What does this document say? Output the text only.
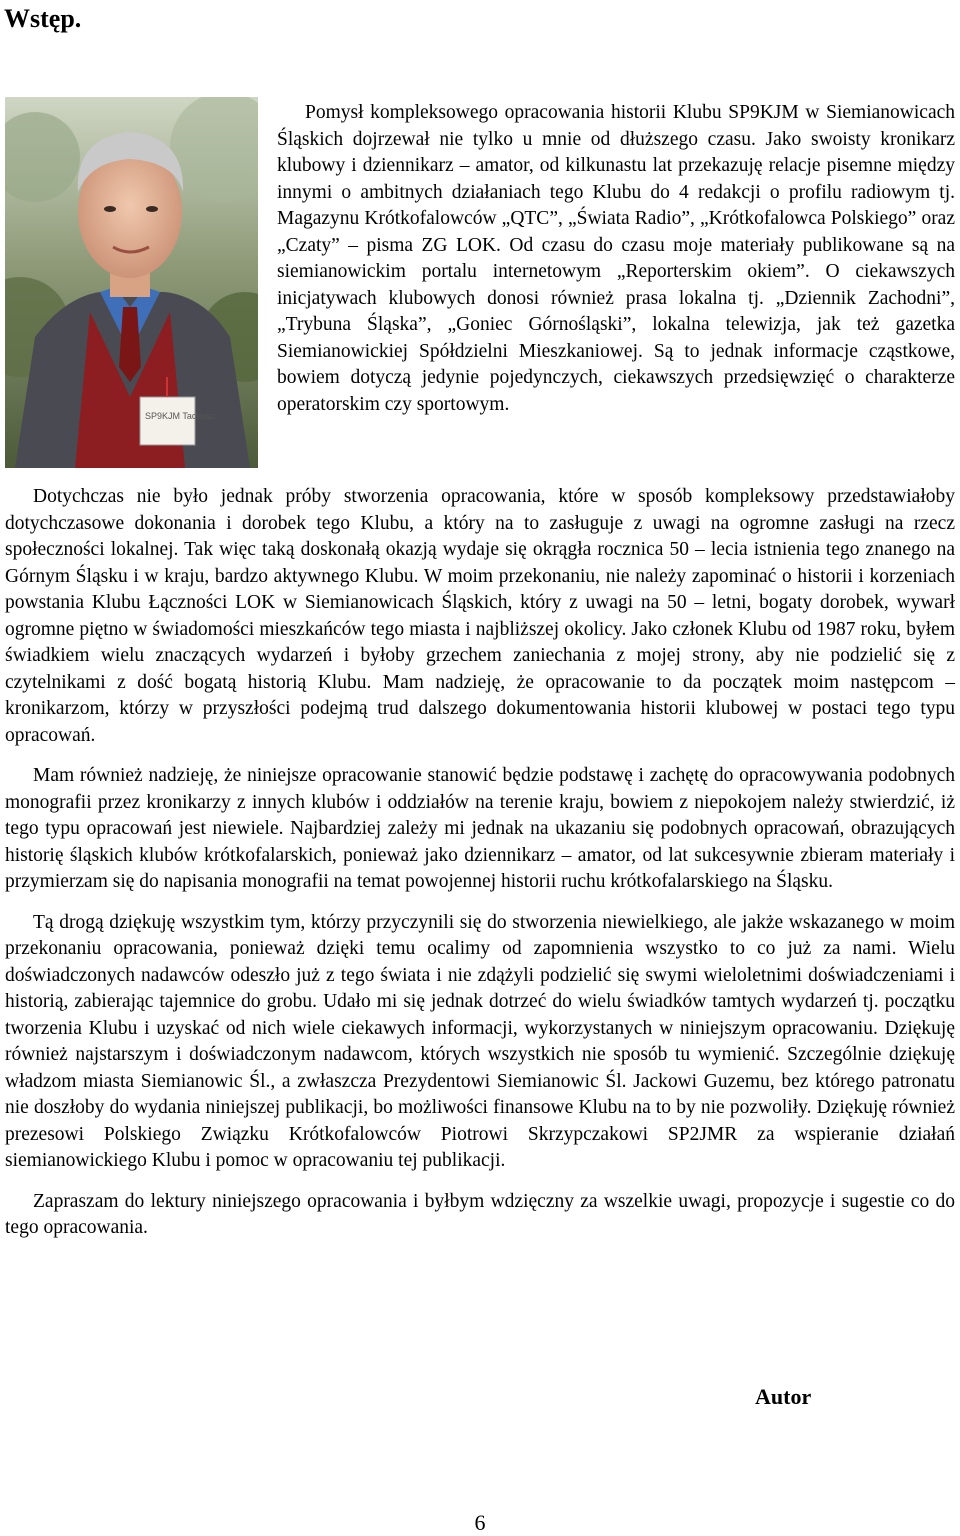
Wstęp.
SP9KJM Tadeusz

Pomysł kompleksowego opracowania historii Klubu SP9KJM w Siemianowicach Śląskich dojrzewał nie tylko u mnie od dłuższego czasu. Jako swoisty kronikarz klubowy i dziennikarz – amator, od kilkunastu lat przekazuję relacje pisemne między innymi o ambitnych działaniach tego Klubu do 4 redakcji o profilu radiowym tj. Magazynu Krótkofalowców „QTC”, „Świata Radio”, „Krótkofalowca Polskiego” oraz „Czaty” – pisma ZG LOK. Od czasu do czasu moje materiały publikowane są na siemianowickim portalu internetowym „Reporterskim okiem”. O ciekawszych inicjatywach klubowych donosi również prasa lokalna tj. „Dziennik Zachodni”, „Trybuna Śląska”, „Goniec Górnośląski”, lokalna telewizja, jak też gazetka Siemianowickiej Spółdzielni Mieszkaniowej. Są to jednak informacje cząstkowe, bowiem dotyczą jedynie pojedynczych, ciekawszych przedsięwzięć o charakterze operatorskim czy sportowym.

Dotychczas nie było jednak próby stworzenia opracowania, które w sposób kompleksowy przedstawiałoby dotychczasowe dokonania i dorobek tego Klubu, a który na to zasługuje z uwagi na ogromne zasługi na rzecz społeczności lokalnej. Tak więc taką doskonałą okazją wydaje się okrągła rocznica 50 – lecia istnienia tego znanego na Górnym Śląsku i w kraju, bardzo aktywnego Klubu. W moim przekonaniu, nie należy zapominać o historii i korzeniach powstania Klubu Łączności LOK w Siemianowicach Śląskich, który z uwagi na 50 – letni, bogaty dorobek, wywarł ogromne piętno w świadomości mieszkańców tego miasta i najbliższej okolicy. Jako członek Klubu od 1987 roku, byłem świadkiem wielu znaczących wydarzeń i byłoby grzechem zaniechania z mojej strony, aby nie podzielić się z czytelnikami z dość bogatą historią Klubu. Mam nadzieję, że opracowanie to da początek moim następcom – kronikarzom, którzy w przyszłości podejmą trud dalszego dokumentowania historii klubowej w postaci tego typu opracowań.

Mam również nadzieję, że niniejsze opracowanie stanowić będzie podstawę i zachętę do opracowywania podobnych monografii przez kronikarzy z innych klubów i oddziałów na terenie kraju, bowiem z niepokojem należy stwierdzić, iż tego typu opracowań jest niewiele. Najbardziej zależy mi jednak na ukazaniu się podobnych opracowań, obrazujących historię śląskich klubów krótkofalarskich, ponieważ jako dziennikarz – amator, od lat sukcesywnie zbieram materiały i przymierzam się do napisania monografii na temat powojennej historii ruchu krótkofalarskiego na Śląsku.

Tą drogą dziękuję wszystkim tym, którzy przyczynili się do stworzenia niewielkiego, ale jakże wskazanego w moim przekonaniu opracowania, ponieważ dzięki temu ocalimy od zapomnienia wszystko to co już za nami. Wielu doświadczonych nadawców odeszło już z tego świata i nie zdążyli podzielić się swymi wieloletnimi doświadczeniami i historią, zabierając tajemnice do grobu. Udało mi się jednak dotrzeć do wielu świadków tamtych wydarzeń tj. początku tworzenia Klubu i uzyskać od nich wiele ciekawych informacji, wykorzystanych w niniejszym opracowaniu. Dziękuję również najstarszym i doświadczonym nadawcom, których wszystkich nie sposób tu wymienić. Szczególnie dziękuję władzom miasta Siemianowic Śl., a zwłaszcza Prezydentowi Siemianowic Śl. Jackowi Guzemu, bez którego patronatu nie doszłoby do wydania niniejszej publikacji, bo możliwości finansowe Klubu na to by nie pozwoliły. Dziękuję również prezesowi Polskiego Związku Krótkofalowców Piotrowi Skrzypczakowi SP2JMR za wspieranie działań siemianowickiego Klubu i pomoc w opracowaniu tej publikacji.

Zapraszam do lektury niniejszego opracowania i byłbym wdzięczny za wszelkie uwagi, propozycje i sugestie co do tego opracowania.

Autor
6
